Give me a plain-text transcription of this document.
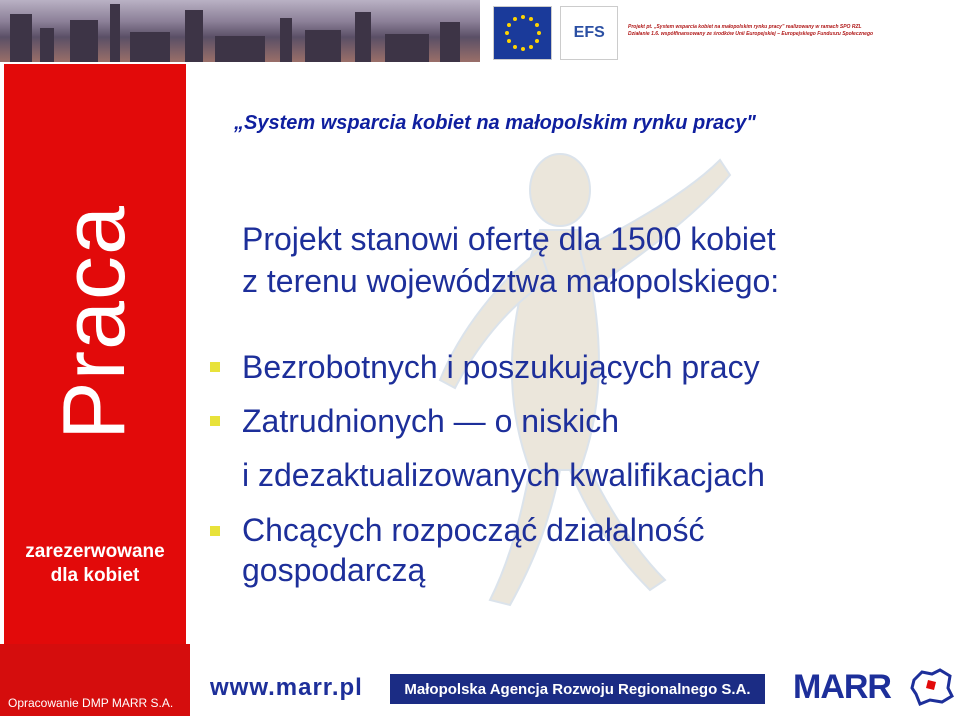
EFS	Projekt pt. „System wsparcia kobiet na małopolskim rynku pracy" realizowany w ramach SPO RZL
Działanie 1.6. współfinansowany ze środków Unii Europejskiej – Europejskiego Funduszu Społecznego
Praca
zarezerwowane
dla kobiet
„System wsparcia kobiet na małopolskim rynku pracy"
Projekt stanowi ofertę dla 1500 kobiet
z terenu województwa małopolskiego:
Bezrobotnych i poszukujących pracy
Zatrudnionych — o niskich
i zdezaktualizowanych kwalifikacjach
Chcących rozpocząć działalność
gospodarczą
Opracowanie DMP MARR S.A.
www.marr.pl	Małopolska Agencja Rozwoju Regionalnego S.A.	MARR
